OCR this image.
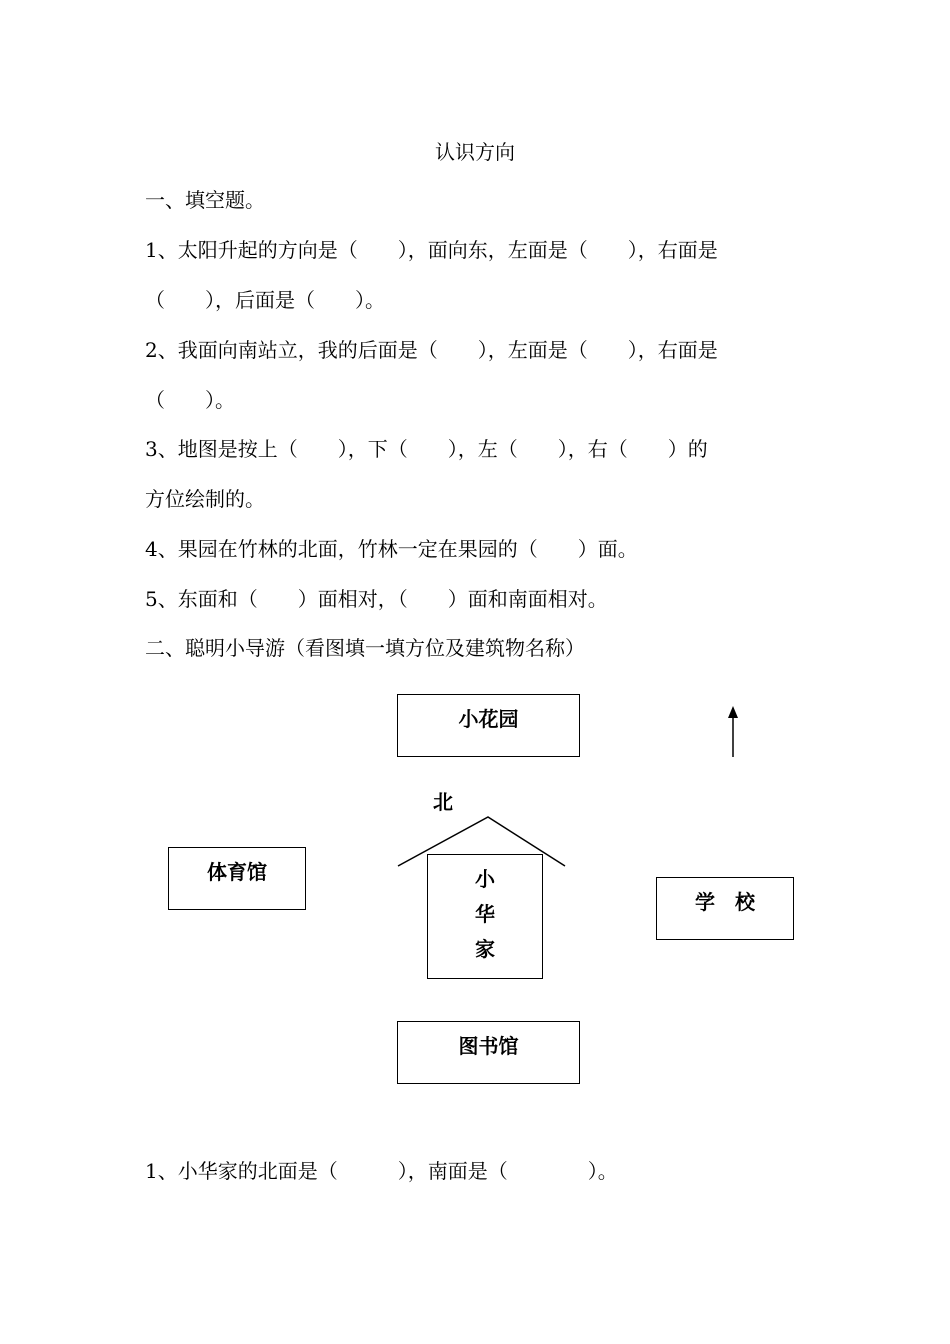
认识方向
一、填空题。
1、太阳升起的方向是（　　），面向东，左面是（　　），右面是
（　　），后面是（　　）。
2、我面向南站立，我的后面是（　　），左面是（　　），右面是
（　　）。
3、地图是按上（　　），下（　　），左（　　），右（　　）的
方位绘制的。
4、果园在竹林的北面，竹林一定在果园的（　　）面。
5、东面和（　　）面相对，（　　）面和南面相对。
二、聪明小导游（看图填一填方位及建筑物名称）
小花园
北
体育馆	小
华
家
学　校
图书馆
1、小华家的北面是（　　　），南面是（　　　　）。
